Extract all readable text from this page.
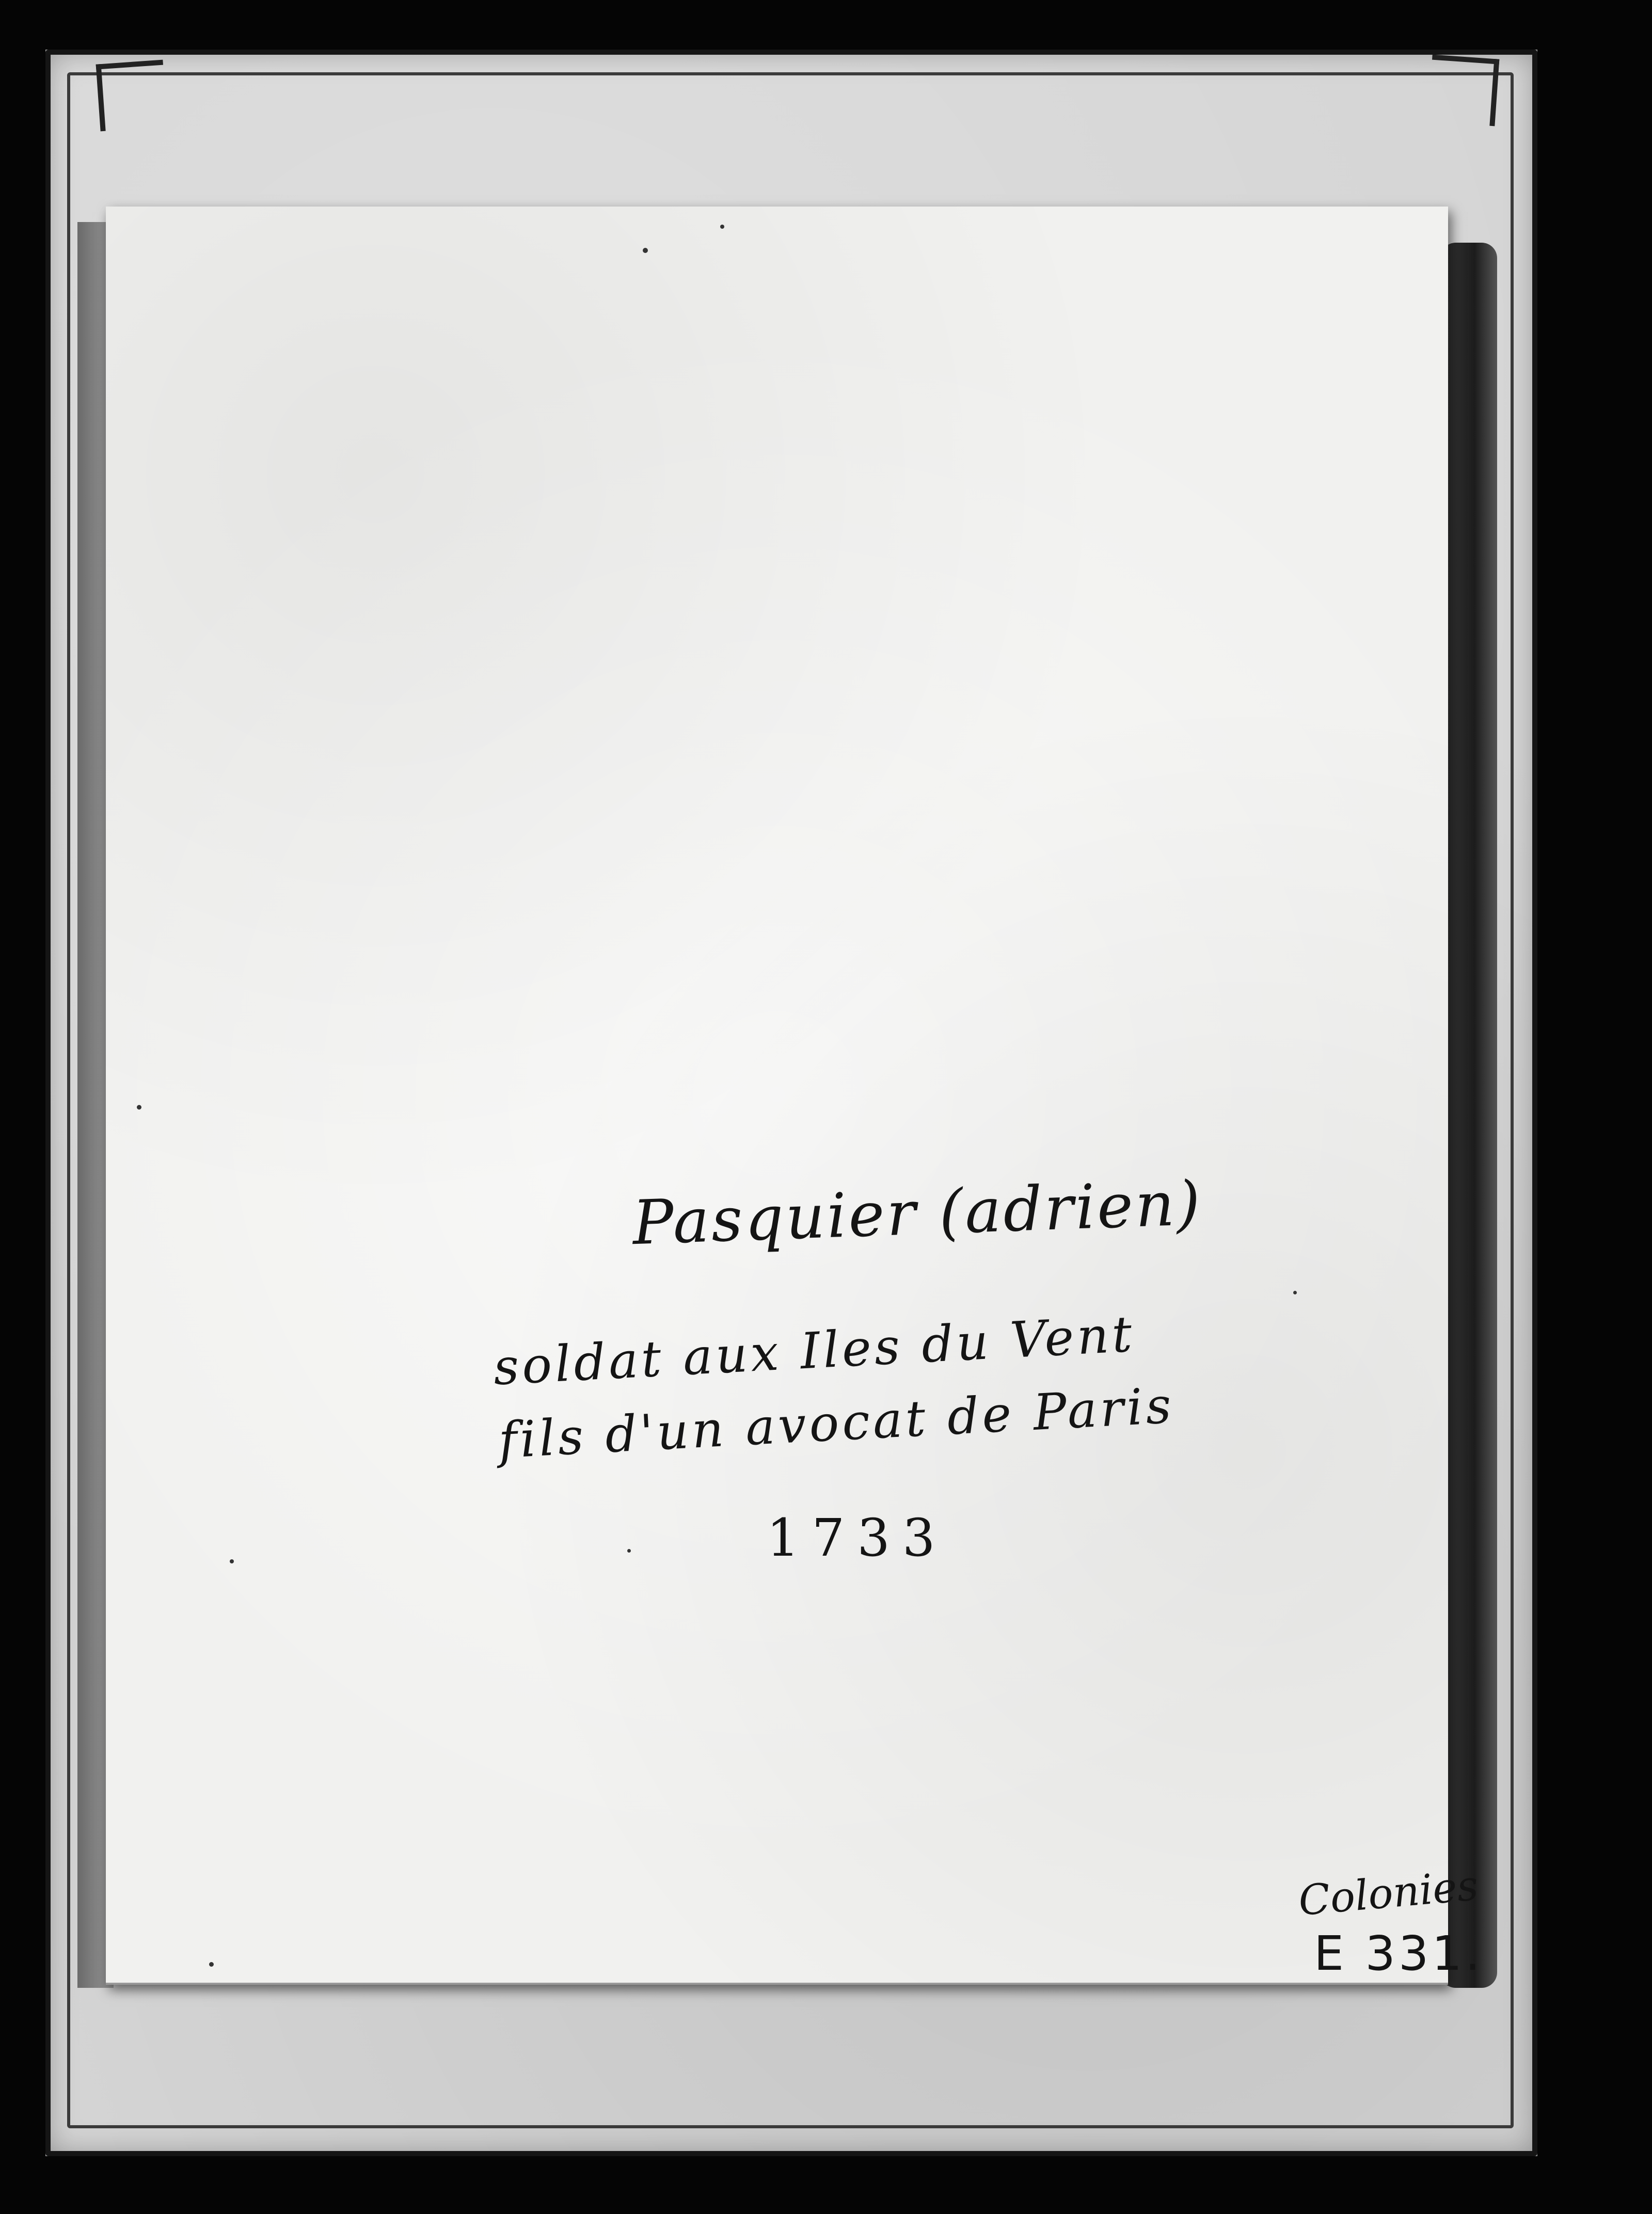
Pasquier (adrien)
soldat aux Iles du Vent
fils d'un avocat de Paris
1733
Colonies
E 331.
